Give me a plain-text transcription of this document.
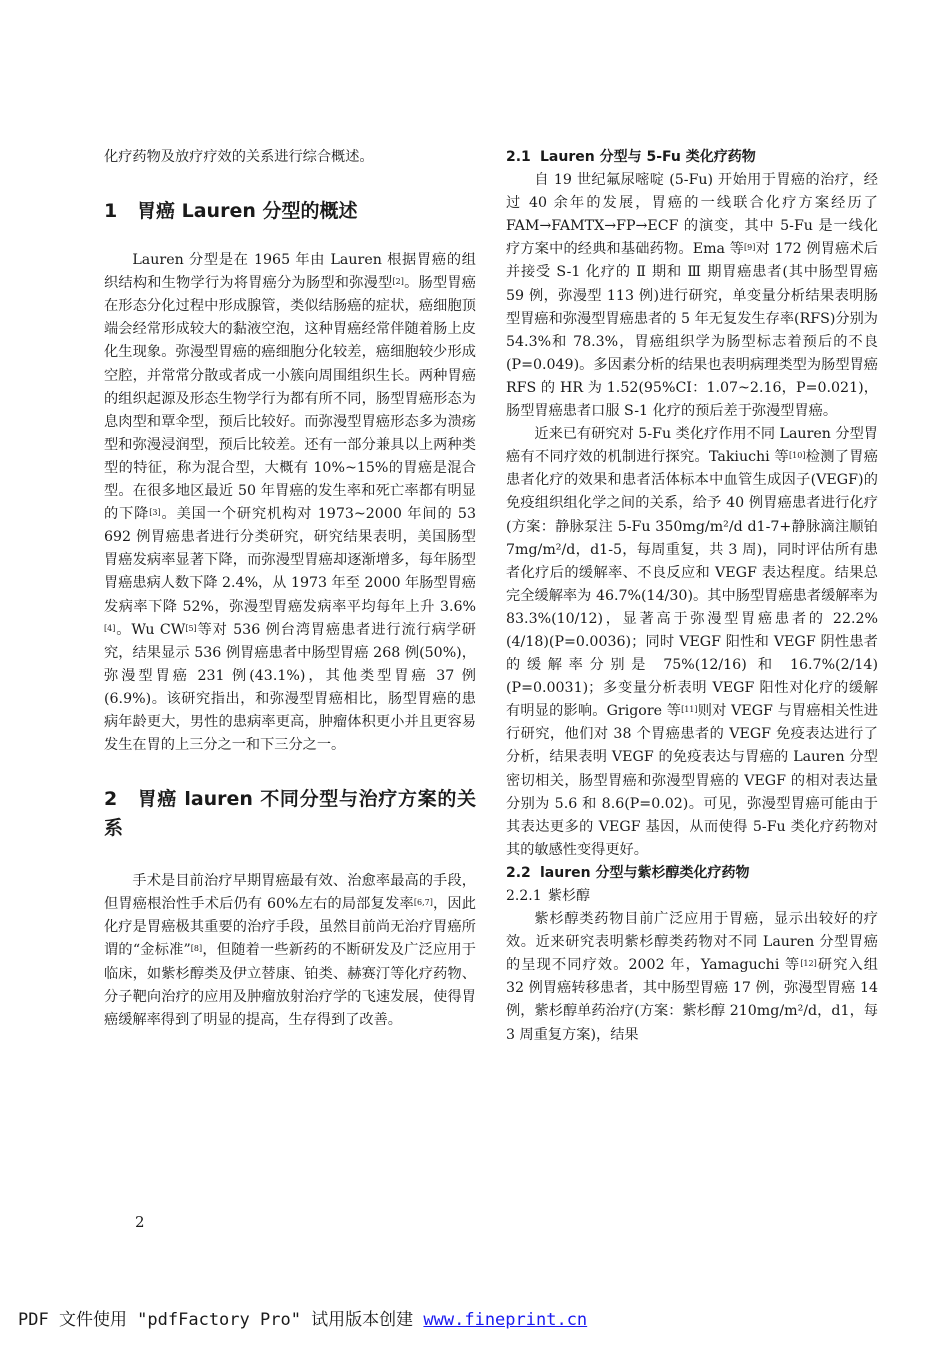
化疗药物及放疗疗效的关系进行综合概述。

1 胃癌 Lauren 分型的概述

Lauren 分型是在 1965 年由 Lauren 根据胃癌的组织结构和生物学行为将胃癌分为肠型和弥漫型[2]。肠型胃癌在形态分化过程中形成腺管，类似结肠癌的症状，癌细胞顶端会经常形成较大的黏液空泡，这种胃癌经常伴随着肠上皮化生现象。弥漫型胃癌的癌细胞分化较差，癌细胞较少形成空腔，并常常分散或者成一小簇向周围组织生长。两种胃癌的组织起源及形态生物学行为都有所不同，肠型胃癌形态为息肉型和覃伞型，预后比较好。而弥漫型胃癌形态多为溃疡型和弥漫浸润型，预后比较差。还有一部分兼具以上两种类型的特征，称为混合型，大概有 10%~15%的胃癌是混合型。在很多地区最近 50 年胃癌的发生率和死亡率都有明显的下降[3]。美国一个研究机构对 1973~2000 年间的 53 692 例胃癌患者进行分类研究，研究结果表明，美国肠型胃癌发病率显著下降，而弥漫型胃癌却逐渐增多，每年肠型胃癌患病人数下降 2.4%，从 1973 年至 2000 年肠型胃癌发病率下降 52%，弥漫型胃癌发病率平均每年上升 3.6%[4]。Wu CW[5]等对 536 例台湾胃癌患者进行流行病学研究，结果显示 536 例胃癌患者中肠型胃癌 268 例(50%)，弥漫型胃癌 231 例(43.1%)，其他类型胃癌 37 例(6.9%)。该研究指出，和弥漫型胃癌相比，肠型胃癌的患病年龄更大，男性的患病率更高，肿瘤体积更小并且更容易发生在胃的上三分之一和下三分之一。

2 胃癌 lauren 不同分型与治疗方案的关系

手术是目前治疗早期胃癌最有效、治愈率最高的手段，但胃癌根治性手术后仍有 60%左右的局部复发率[6,7]，因此化疗是胃癌极其重要的治疗手段，虽然目前尚无治疗胃癌所谓的“金标准”[8]，但随着一些新药的不断研发及广泛应用于临床，如紫杉醇类及伊立替康、铂类、赫赛汀等化疗药物、分子靶向治疗的应用及肿瘤放射治疗学的飞速发展，使得胃癌缓解率得到了明显的提高，生存得到了改善。

2.1 Lauren 分型与 5-Fu 类化疗药物

自 19 世纪氟尿嘧啶 (5-Fu) 开始用于胃癌的治疗，经过 40 余年的发展，胃癌的一线联合化疗方案经历了 FAM→FAMTX→FP→ECF 的演变，其中 5-Fu 是一线化疗方案中的经典和基础药物。Ema 等[9]对 172 例胃癌术后并接受 S-1 化疗的 Ⅱ 期和 Ⅲ 期胃癌患者(其中肠型胃癌 59 例，弥漫型 113 例)进行研究，单变量分析结果表明肠型胃癌和弥漫型胃癌患者的 5 年无复发生存率(RFS)分别为 54.3%和 78.3%，胃癌组织学为肠型标志着预后的不良(P=0.049)。多因素分析的结果也表明病理类型为肠型胃癌 RFS 的 HR 为 1.52(95%CI：1.07~2.16，P=0.021)，肠型胃癌患者口服 S-1 化疗的预后差于弥漫型胃癌。

近来已有研究对 5-Fu 类化疗作用不同 Lauren 分型胃癌有不同疗效的机制进行探究。Takiuchi 等[10]检测了胃癌患者化疗的效果和患者活体标本中血管生成因子(VEGF)的免疫组织组化学之间的关系，给予 40 例胃癌患者进行化疗 (方案：静脉泵注 5-Fu 350mg/m²/d d1-7+静脉滴注顺铂 7mg/m²/d，d1-5，每周重复，共 3 周)，同时评估所有患者化疗后的缓解率、不良反应和 VEGF 表达程度。结果总完全缓解率为 46.7%(14/30)。其中肠型胃癌患者缓解率为 83.3%(10/12)，显著高于弥漫型胃癌患者的 22.2%(4/18)(P=0.0036)；同时 VEGF 阳性和 VEGF 阴性患者的缓解率分别是 75%(12/16) 和 16.7%(2/14)(P=0.0031)；多变量分析表明 VEGF 阳性对化疗的缓解有明显的影响。Grigore 等[11]则对 VEGF 与胃癌相关性进行研究，他们对 38 个胃癌患者的 VEGF 免疫表达进行了分析，结果表明 VEGF 的免疫表达与胃癌的 Lauren 分型密切相关，肠型胃癌和弥漫型胃癌的 VEGF 的相对表达量分别为 5.6 和 8.6(P=0.02)。可见，弥漫型胃癌可能由于其表达更多的 VEGF 基因，从而使得 5-Fu 类化疗药物对其的敏感性变得更好。

2.2 lauren 分型与紫杉醇类化疗药物

2.2.1 紫杉醇

紫杉醇类药物目前广泛应用于胃癌，显示出较好的疗效。近来研究表明紫杉醇类药物对不同 Lauren 分型胃癌的呈现不同疗效。2002 年，Yamaguchi 等[12]研究入组 32 例胃癌转移患者，其中肠型胃癌 17 例，弥漫型胃癌 14 例，紫杉醇单药治疗(方案：紫杉醇 210mg/m²/d，d1，每 3 周重复方案)，结果

2
PDF 文件使用 "pdfFactory Pro" 试用版本创建 www.fineprint.cn
